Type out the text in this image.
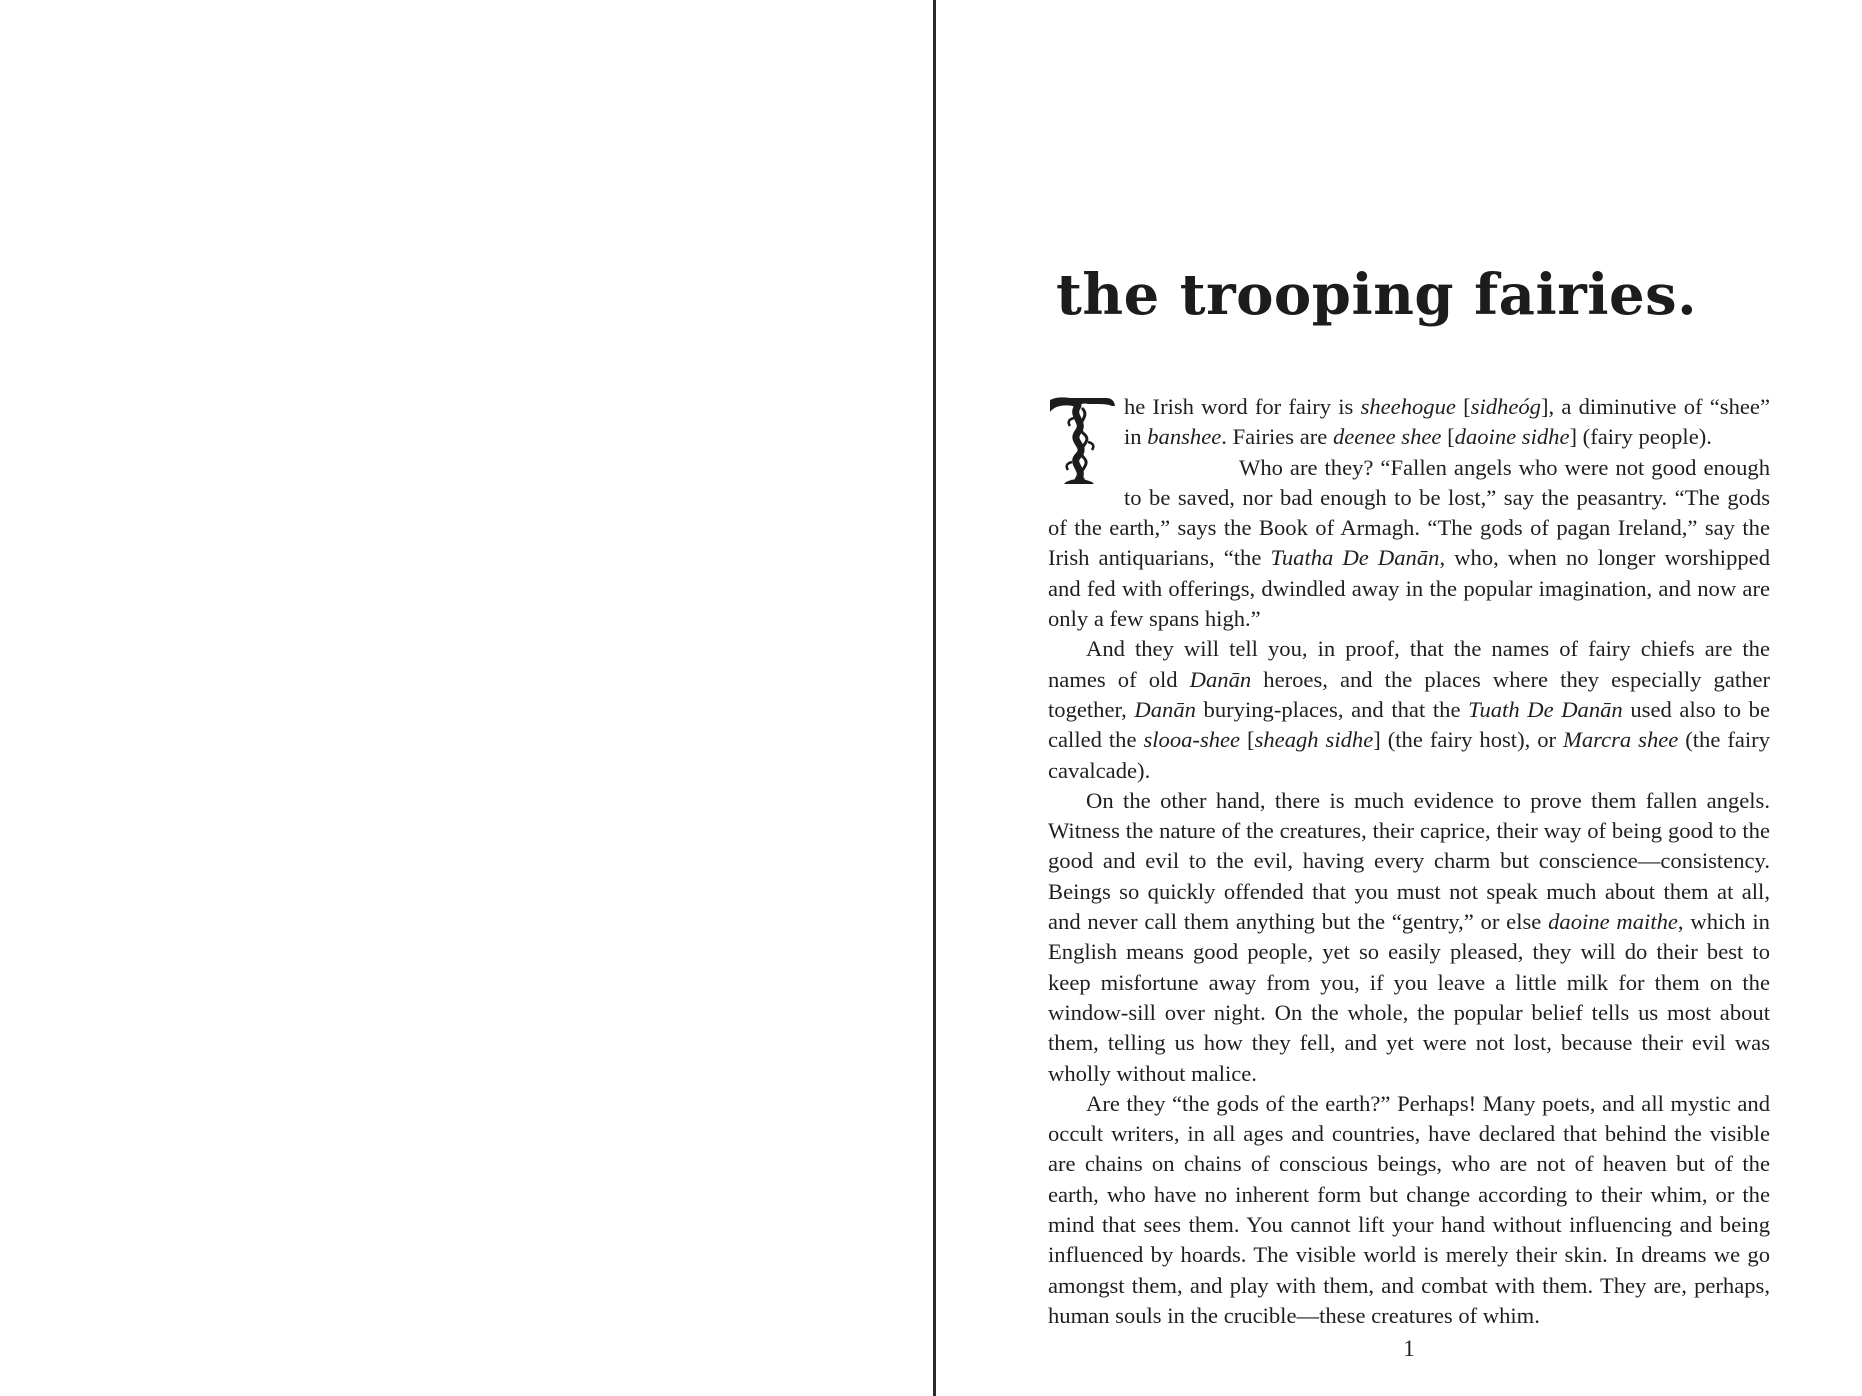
the trooping fairies.

he Irish word for fairy is sheehogue [sidheóg], a diminutive of “shee” in banshee. Fairies are deenee shee [daoine sidhe] (fairy people).

Who are they? “Fallen angels who were not good enough to be saved, nor bad enough to be lost,” say the peasantry. “The gods of the earth,” says the Book of Armagh. “The gods of pagan Ireland,” say the Irish antiquarians, “the Tuatha De Danān, who, when no longer worshipped and fed with offerings, dwindled away in the popular imagination, and now are only a few spans high.”

And they will tell you, in proof, that the names of fairy chiefs are the names of old Danān heroes, and the places where they especially gather together, Danān burying-places, and that the Tuath De Danān used also to be called the slooa-shee [sheagh sidhe] (the fairy host), or Marcra shee (the fairy cavalcade).

On the other hand, there is much evidence to prove them fallen angels. Witness the nature of the creatures, their caprice, their way of being good to the good and evil to the evil, having every charm but conscience—consistency. Beings so quickly offended that you must not speak much about them at all, and never call them anything but the “gentry,” or else daoine maithe, which in English means good people, yet so easily pleased, they will do their best to keep misfortune away from you, if you leave a little milk for them on the window-sill over night. On the whole, the popular belief tells us most about them, telling us how they fell, and yet were not lost, because their evil was wholly without malice.

Are they “the gods of the earth?” Perhaps! Many poets, and all mystic and occult writers, in all ages and countries, have declared that behind the visible are chains on chains of conscious beings, who are not of heaven but of the earth, who have no inherent form but change according to their whim, or the mind that sees them. You cannot lift your hand without influencing and being influenced by hoards. The visible world is merely their skin. In dreams we go amongst them, and play with them, and combat with them. They are, perhaps, human souls in the crucible—these creatures of whim.

1
